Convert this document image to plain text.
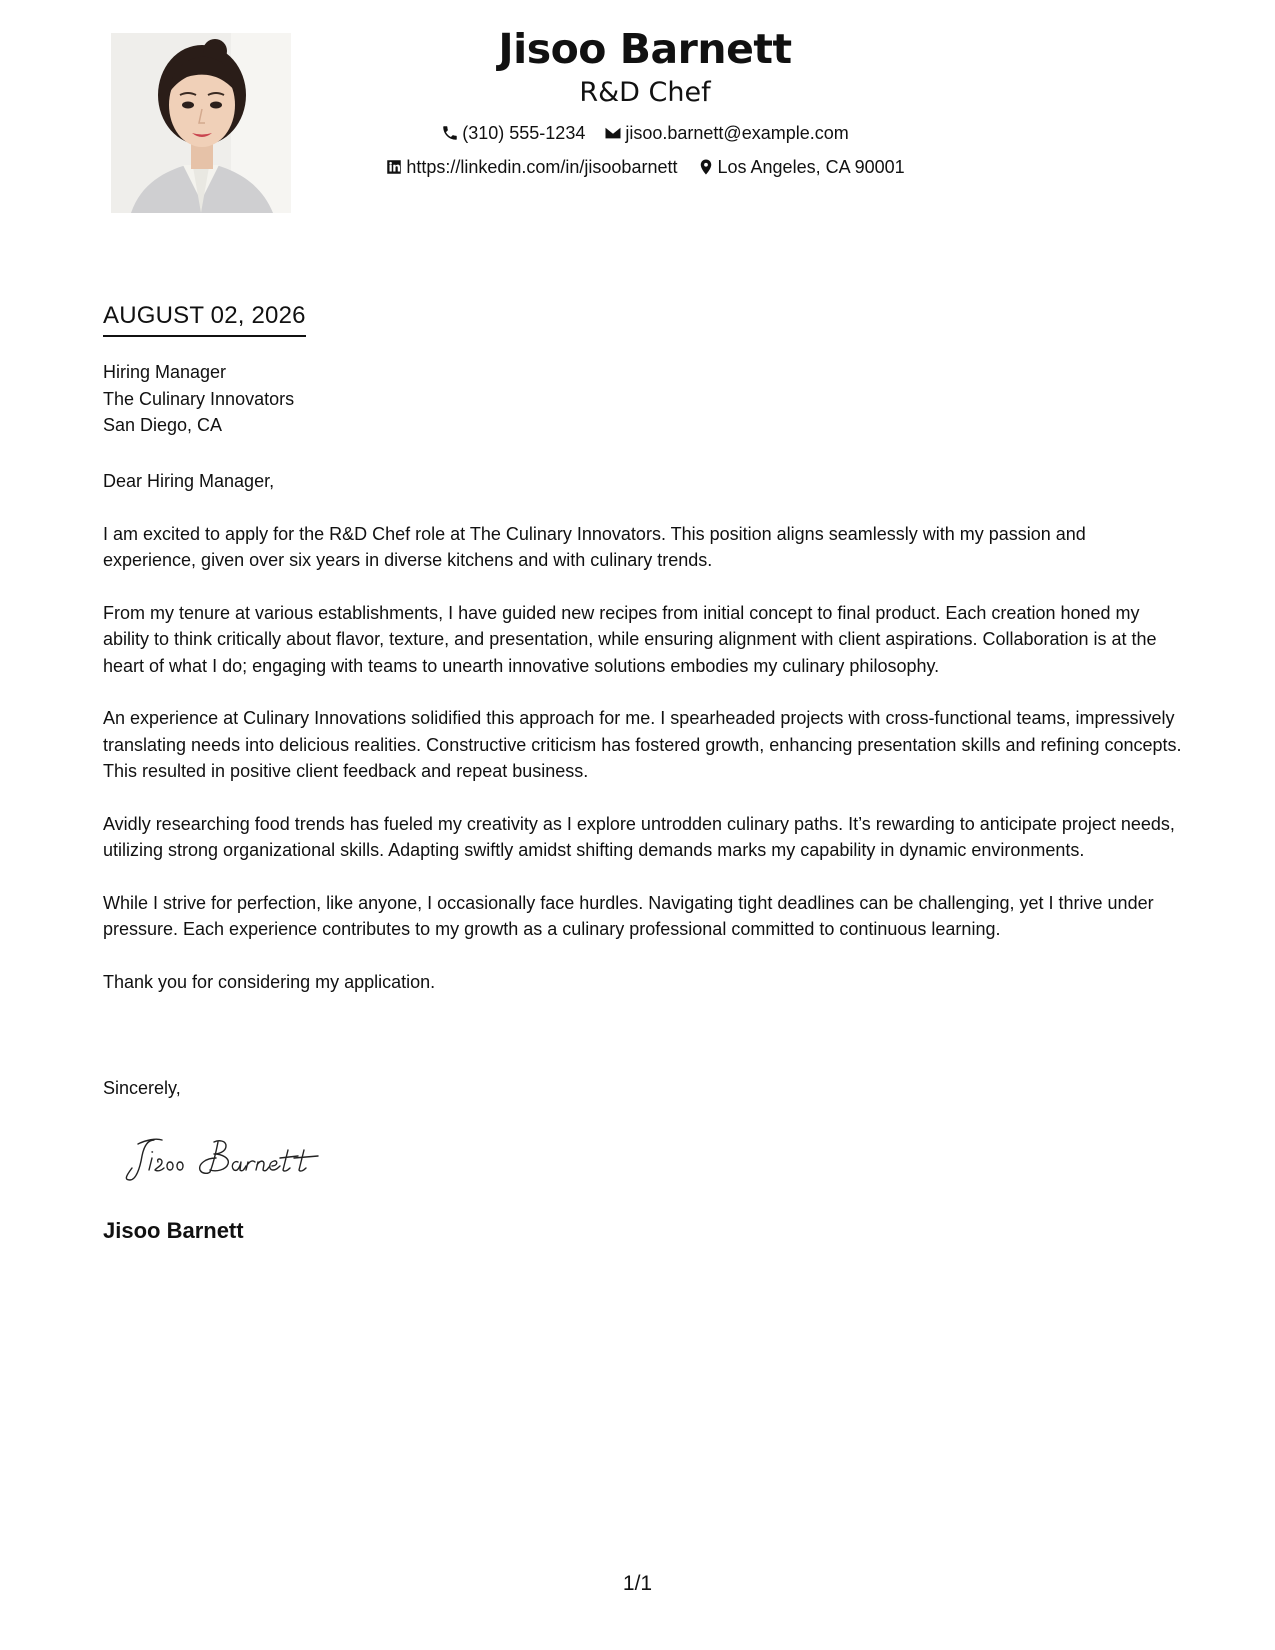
Jisoo Barnett
R&D Chef
(310) 555-1234
jisoo.barnett@example.com
https://linkedin.com/in/jisoobarnett
Los Angeles, CA 90001
AUGUST 02, 2026
Hiring Manager
The Culinary Innovators
San Diego, CA
Dear Hiring Manager,

I am excited to apply for the R&D Chef role at The Culinary Innovators. This position aligns seamlessly with my passion and experience, given over six years in diverse kitchens and with culinary trends.

From my tenure at various establishments, I have guided new recipes from initial concept to final product. Each creation honed my ability to think critically about flavor, texture, and presentation, while ensuring alignment with client aspirations. Collaboration is at the heart of what I do; engaging with teams to unearth innovative solutions embodies my culinary philosophy.

An experience at Culinary Innovations solidified this approach for me. I spearheaded projects with cross-functional teams, impressively translating needs into delicious realities. Constructive criticism has fostered growth, enhancing presentation skills and refining concepts. This resulted in positive client feedback and repeat business.

Avidly researching food trends has fueled my creativity as I explore untrodden culinary paths. It’s rewarding to anticipate project needs, utilizing strong organizational skills. Adapting swiftly amidst shifting demands marks my capability in dynamic environments.

While I strive for perfection, like anyone, I occasionally face hurdles. Navigating tight deadlines can be challenging, yet I thrive under pressure. Each experience contributes to my growth as a culinary professional committed to continuous learning.

Thank you for considering my application.

Sincerely,
Jisoo Barnett
1/1
